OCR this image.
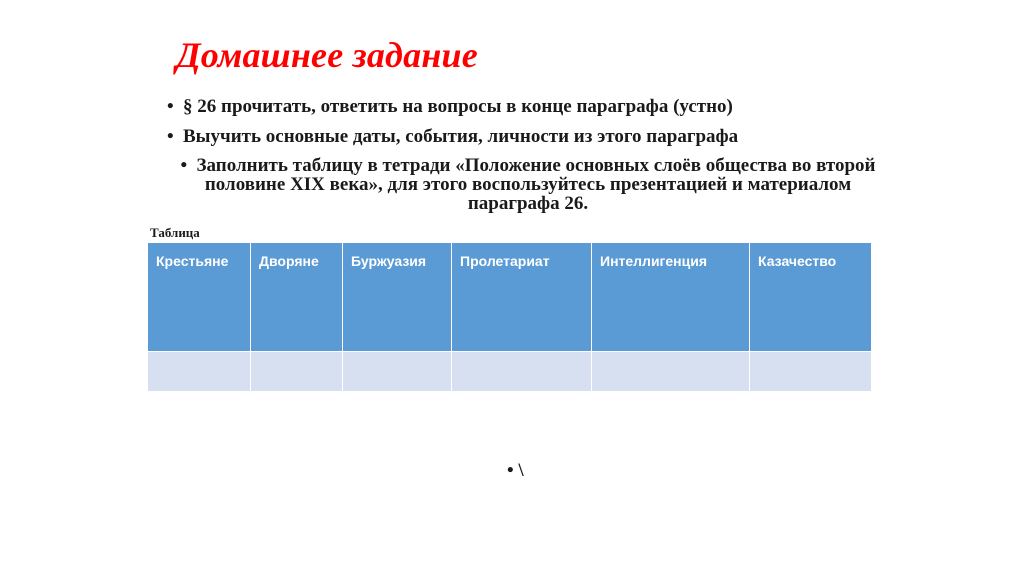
Домашнее задание
• § 26 прочитать, ответить на вопросы в конце параграфа (устно)
• Выучить основные даты, события, личности из этого параграфа
• Заполнить таблицу в тетради «Положение основных слоёв общества во второй половине XIX века», для этого воспользуйтесь презентацией и материалом параграфа 26.
Таблица
Крестьяне	Дворяне	Буржуазия	Пролетариат	Интеллигенция	Казачество

• \
